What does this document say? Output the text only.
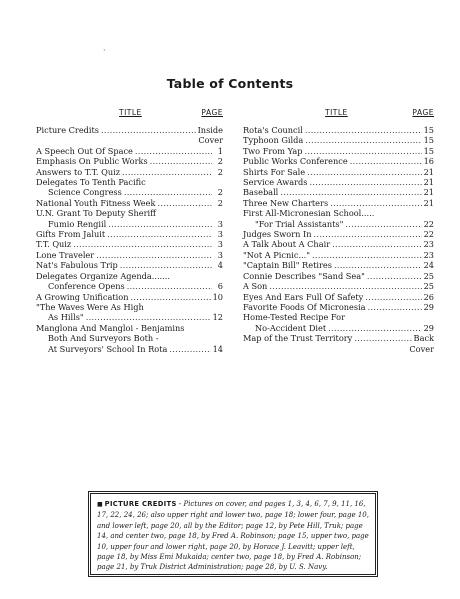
·
Table of Contents
TITLE	PAGE
Picture Credits .....	Inside
Cover
A Speech Out Of Space .....	1
Emphasis On Public Works .....	2
Answers to T.T. Quiz .....	2
Delegates To Tenth Pacific
Science Congress .....	2
National Youth Fitness Week .....	2
U.N. Grant To Deputy Sheriff
Fumio Rengiil .....	3
Gifts From Jaluit .....	3
T.T. Quiz .....	3
Lone Traveler .....	3
Nat's Fabulous Trip .....	4
Delegates Organize Agenda.......
Conference Opens .....	6
A Growing Unification .....	10
"The Waves Were As High
As Hills" .....	12
Manglona And Mangloi - Benjamins
Both And Surveyors Both -
At Surveyors' School In Rota .....	14
TITLE	PAGE
Rota's Council .....	15
Typhoon Gilda .....	15
Two From Yap .....	15
Public Works Conference .....	16
Shirts For Sale .....	21
Service Awards .....	21
Baseball .....	21
Three New Charters .....	21
First All-Micronesian School.....
"For Trial Assistants" .....	22
Judges Sworn In .....	22
A Talk About A Chair .....	23
"Not A Picnic..." .....	23
"Captain Bill" Retires .....	24
Connie Describes "Sand Sea" .....	25
A Son .....	25
Eyes And Ears Full Of Safety .....	26
Favorite Foods Of Micronesia .....	29
Home-Tested Recipe For
No-Accident Diet .....	29
Map of the Trust Territory .....	Back
Cover
■ PICTURE CREDITS - Pictures on cover, and pages 1, 3, 4, 6, 7, 9, 11, 16, 17, 22, 24, 26; also upper right and lower two, page 18; lower four, page 10, and lower left, page 20, all by the Editor; page 12, by Pete Hill, Truk; page 14, and center two, page 18, by Fred A. Robinson; page 15, upper two, page 10, upper four and lower right, page 20, by Horace J. Leavitt; upper left, page 18, by Miss Emi Mukaida; center two, page 18, by Fred A. Robinson; page 21, by Truk District Administration; page 28, by U. S. Navy.
